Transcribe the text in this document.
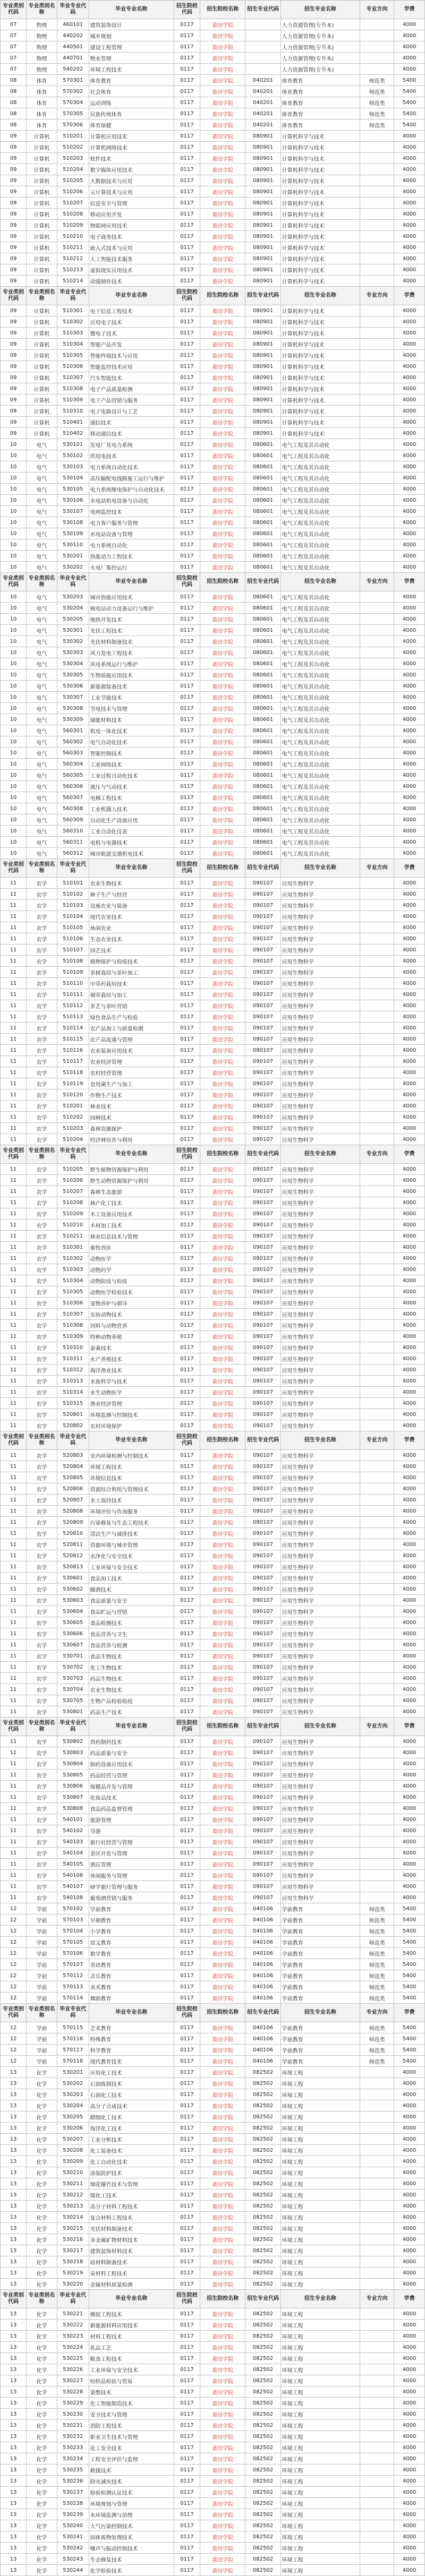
专业类别代码	专业类别名称	毕业专业代码	毕业专业名称	招生院校代码	招生院校名称	招生专业代码	招生专业名称	专业方向	学费
07	物理	460101	建筑装饰设计	0117	莆田学院		人力资源管理(专升本)		4000
07	物理	440202	城乡规划	0117	莆田学院		人力资源管理(专升本)		4000
07	物理	440501	建设工程管理	0117	莆田学院		人力资源管理(专升本)		4000
07	物理	440701	物业管理	0117	莆田学院		人力资源管理(专升本)		4000
07	物理	540202	环境工程技术	0117	莆田学院		人力资源管理(专升本)		4000
08	体育	570301	体育教育	0117	莆田学院	040201	体育教育	师范类	5400
08	体育	570302	社会体育	0117	莆田学院	040201	体育教育	师范类	5400
08	体育	570304	运动训练	0117	莆田学院	040201	体育教育	师范类	5400
08	体育	570305	民族传统体育	0117	莆田学院	040201	体育教育	师范类	5400
08	体育	570306	体育保健	0117	莆田学院	040201	体育教育	师范类	5400
09	计算机	510201	计算机应用技术	0117	莆田学院	080901	计算机科学与技术		4000
09	计算机	510202	计算机网络技术	0117	莆田学院	080901	计算机科学与技术		4000
09	计算机	510203	软件技术	0117	莆田学院	080901	计算机科学与技术		4000
09	计算机	510204	数字媒体应用技术	0117	莆田学院	080901	计算机科学与技术		4000
09	计算机	510205	大数据技术与应用	0117	莆田学院	080901	计算机科学与技术		4000
09	计算机	510206	云计算技术与应用	0117	莆田学院	080901	计算机科学与技术		4000
09	计算机	510207	信息安全与管理	0117	莆田学院	080901	计算机科学与技术		4000
09	计算机	510208	移动应用开发	0117	莆田学院	080901	计算机科学与技术		4000
09	计算机	510209	物联网应用技术	0117	莆田学院	080901	计算机科学与技术		4000
09	计算机	510210	电子商务技术	0117	莆田学院	080901	计算机科学与技术		4000
09	计算机	510211	嵌入式技术与应用	0117	莆田学院	080901	计算机科学与技术		4000
09	计算机	510212	人工智能技术服务	0117	莆田学院	080901	计算机科学与技术		4000
09	计算机	510213	虚拟现实应用技术	0117	莆田学院	080901	计算机科学与技术		4000
09	计算机	510214	动漫制作技术	0117	莆田学院	080901	计算机科学与技术		4000
专业类别代码	专业类别名称	毕业专业代码	毕业专业名称	招生院校代码	招生院校名称	招生专业代码	招生专业名称	专业方向	学费
09	计算机	510301	电子信息工程技术	0117	莆田学院	080901	计算机科学与技术		4000
09	计算机	510302	应用电子技术	0117	莆田学院	080901	计算机科学与技术		4000
09	计算机	510303	微电子技术	0117	莆田学院	080901	计算机科学与技术		4000
09	计算机	510304	智能产品开发	0117	莆田学院	080901	计算机科学与技术		4000
09	计算机	510305	智能终端技术与应用	0117	莆田学院	080901	计算机科学与技术		4000
09	计算机	510306	智能监控技术应用	0117	莆田学院	080901	计算机科学与技术		4000
09	计算机	510307	汽车智能技术	0117	莆田学院	080901	计算机科学与技术		4000
09	计算机	510308	电子产品质量检测	0117	莆田学院	080901	计算机科学与技术		4000
09	计算机	510309	电子产品营销与服务	0117	莆田学院	080901	计算机科学与技术		4000
09	计算机	510310	电子电路设计与工艺	0117	莆田学院	080901	计算机科学与技术		4000
09	计算机	510401	通信技术	0117	莆田学院	080901	计算机科学与技术		4000
09	计算机	510402	移动通信技术	0117	莆田学院	080901	计算机科学与技术		4000
10	电气	530101	发电厂及电力系统	0117	莆田学院	080601	电气工程及其自动化		4000
10	电气	530102	供用电技术	0117	莆田学院	080601	电气工程及其自动化		4000
10	电气	530103	电力系统自动化技术	0117	莆田学院	080601	电气工程及其自动化		4000
10	电气	530104	高压输配电线路施工运行与维护	0117	莆田学院	080601	电气工程及其自动化		4000
10	电气	530105	电力系统继电保护与自动化技术	0117	莆田学院	080601	电气工程及其自动化		4000
10	电气	530106	水电站机电设备与自动化	0117	莆田学院	080601	电气工程及其自动化		4000
10	电气	530107	电网监控技术	0117	莆田学院	080601	电气工程及其自动化		4000
10	电气	530108	电力客户服务与管理	0117	莆田学院	080601	电气工程及其自动化		4000
10	电气	530109	水电站设备与管理	0117	莆田学院	080601	电气工程及其自动化		4000
10	电气	530110	电力系统自动化	0117	莆田学院	080601	电气工程及其自动化		4000
10	电气	530201	热能动力工程技术	0117	莆田学院	080601	电气工程及其自动化		4000
10	电气	530202	火电厂集控运行	0117	莆田学院	080601	电气工程及其自动化		4000
专业类别代码	专业类别名称	毕业专业代码	毕业专业名称	招生院校代码	招生院校名称	招生专业代码	招生专业名称	专业方向	学费
10	电气	530203	城市热能应用技术	0117	莆田学院	080601	电气工程及其自动化		4000
10	电气	530204	核电站动力设备运行与维护	0117	莆田学院	080601	电气工程及其自动化		4000
10	电气	530205	地热开发技术	0117	莆田学院	080601	电气工程及其自动化		4000
10	电气	530301	光伏工程技术	0117	莆田学院	080601	电气工程及其自动化		4000
10	电气	530302	光伏材料制备技术	0117	莆田学院	080601	电气工程及其自动化		4000
10	电气	530303	风力发电工程技术	0117	莆田学院	080601	电气工程及其自动化		4000
10	电气	530304	风电系统运行与维护	0117	莆田学院	080601	电气工程及其自动化		4000
10	电气	530305	生物质能应用技术	0117	莆田学院	080601	电气工程及其自动化		4000
10	电气	530306	新能源装备技术	0117	莆田学院	080601	电气工程及其自动化		4000
10	电气	530307	工业节能技术	0117	莆田学院	080601	电气工程及其自动化		4000
10	电气	530308	节电技术与管理	0117	莆田学院	080601	电气工程及其自动化		4000
10	电气	530309	储能材料技术	0117	莆田学院	080601	电气工程及其自动化		4000
10	电气	560301	机电一体化技术	0117	莆田学院	080601	电气工程及其自动化		4000
10	电气	560302	电气自动化技术	0117	莆田学院	080601	电气工程及其自动化		4000
10	电气	560303	智能控制技术	0117	莆田学院	080601	电气工程及其自动化		4000
10	电气	560304	工业网络技术	0117	莆田学院	080601	电气工程及其自动化		4000
10	电气	560305	工业过程自动化技术	0117	莆田学院	080601	电气工程及其自动化		4000
10	电气	560306	液压与气动技术	0117	莆田学院	080601	电气工程及其自动化		4000
10	电气	560307	电梯工程技术	0117	莆田学院	080601	电气工程及其自动化		4000
10	电气	560308	工业机器人技术	0117	莆田学院	080601	电气工程及其自动化		4000
10	电气	560309	自动化生产设备应用	0117	莆田学院	080601	电气工程及其自动化		4000
10	电气	560310	工业自动化仪表	0117	莆田学院	080601	电气工程及其自动化		4000
10	电气	560311	电机与电器技术	0117	莆田学院	080601	电气工程及其自动化		4000
10	电气	560312	城市轨道交通机电技术	0117	莆田学院	080601	电气工程及其自动化		4000
专业类别代码	专业类别名称	毕业专业代码	毕业专业名称	招生院校代码	招生院校名称	招生专业代码	招生专业名称	专业方向	学费
11	农学	510101	农业生物技术	0117	莆田学院	090107	应用生物科学		4000
11	农学	510102	种子生产与经营	0117	莆田学院	090107	应用生物科学		4000
11	农学	510103	设施农业与装备	0117	莆田学院	090107	应用生物科学		4000
11	农学	510104	现代农业技术	0117	莆田学院	090107	应用生物科学		4000
11	农学	510105	休闲农业	0117	莆田学院	090107	应用生物科学		4000
11	农学	510106	生态农业技术	0117	莆田学院	090107	应用生物科学		4000
11	农学	510107	园艺技术	0117	莆田学院	090107	应用生物科学		4000
11	农学	510108	植物保护与检疫技术	0117	莆田学院	090107	应用生物科学		4000
11	农学	510109	茶树栽培与茶叶加工	0117	莆田学院	090107	应用生物科学		4000
11	农学	510110	中草药栽培技术	0117	莆田学院	090107	应用生物科学		4000
11	农学	510111	烟草栽培与加工	0117	莆田学院	090107	应用生物科学		4000
11	农学	510112	茶艺与茶叶营销	0117	莆田学院	090107	应用生物科学		4000
11	农学	510113	绿色食品生产与检验	0117	莆田学院	090107	应用生物科学		4000
11	农学	510114	农产品加工与质量检测	0117	莆田学院	090107	应用生物科学		4000
11	农学	510115	农产品流通与管理	0117	莆田学院	090107	应用生物科学		4000
11	农学	510116	农业装备应用技术	0117	莆田学院	090107	应用生物科学		4000
11	农学	510117	农业经济管理	0117	莆田学院	090107	应用生物科学		4000
11	农学	510118	农村经营管理	0117	莆田学院	090107	应用生物科学		4000
11	农学	510119	食用菌生产与加工	0117	莆田学院	090107	应用生物科学		4000
11	农学	510120	作物生产技术	0117	莆田学院	090107	应用生物科学		4000
11	农学	510201	林业技术	0117	莆田学院	090107	应用生物科学		4000
11	农学	510202	园林技术	0117	莆田学院	090107	应用生物科学		4000
11	农学	510203	森林资源保护	0117	莆田学院	090107	应用生物科学		4000
11	农学	510204	经济林培育与利用	0117	莆田学院	090107	应用生物科学		4000
专业类别代码	专业类别名称	毕业专业代码	毕业专业名称	招生院校代码	招生院校名称	招生专业代码	招生专业名称	专业方向	学费
11	农学	510205	野生植物资源保护与利用	0117	莆田学院	090107	应用生物科学		4000
11	农学	510206	野生动物资源保护与利用	0117	莆田学院	090107	应用生物科学		4000
11	农学	510207	森林生态旅游	0117	莆田学院	090107	应用生物科学		4000
11	农学	510208	林产化工技术	0117	莆田学院	090107	应用生物科学		4000
11	农学	510209	木工设备应用技术	0117	莆田学院	090107	应用生物科学		4000
11	农学	510210	木材加工技术	0117	莆田学院	090107	应用生物科学		4000
11	农学	510211	林业信息技术与管理	0117	莆田学院	090107	应用生物科学		4000
11	农学	510301	畜牧兽医	0117	莆田学院	090107	应用生物科学		4000
11	农学	510302	动物医学	0117	莆田学院	090107	应用生物科学		4000
11	农学	510303	动物药学	0117	莆田学院	090107	应用生物科学		4000
11	农学	510304	动物防疫与检疫	0117	莆田学院	090107	应用生物科学		4000
11	农学	510305	动物医学检验技术	0117	莆田学院	090107	应用生物科学		4000
11	农学	510306	宠物养护与驯导	0117	莆田学院	090107	应用生物科学		4000
11	农学	510307	实验动物技术	0117	莆田学院	090107	应用生物科学		4000
11	农学	510308	饲料与动物营养	0117	莆田学院	090107	应用生物科学		4000
11	农学	510309	特种动物养殖	0117	莆田学院	090107	应用生物科学		4000
11	农学	510310	蚕桑技术	0117	莆田学院	090107	应用生物科学		4000
11	农学	510311	水产养殖技术	0117	莆田学院	090107	应用生物科学		4000
11	农学	510312	海洋渔业技术	0117	莆田学院	090107	应用生物科学		4000
11	农学	510313	水族科学与技术	0117	莆田学院	090107	应用生物科学		4000
11	农学	510314	水生动物医学	0117	莆田学院	090107	应用生物科学		4000
11	农学	510315	渔业经济管理	0117	莆田学院	090107	应用生物科学		4000
11	农学	520801	环境监测与控制技术	0117	莆田学院	090107	应用生物科学		4000
11	农学	520802	农村环境保护	0117	莆田学院	090107	应用生物科学		4000
专业类别代码	专业类别名称	毕业专业代码	毕业专业名称	招生院校代码	招生院校名称	招生专业代码	招生专业名称	专业方向	学费
11	农学	520803	室内环境检测与控制技术	0117	莆田学院	090107	应用生物科学		4000
11	农学	520804	环境工程技术	0117	莆田学院	090107	应用生物科学		4000
11	农学	520805	环境信息技术	0117	莆田学院	090107	应用生物科学		4000
11	农学	520806	资源综合利用与管理技术	0117	莆田学院	090107	应用生物科学		4000
11	农学	520807	水土保持技术	0117	莆田学院	090107	应用生物科学		4000
11	农学	520808	环境评价与咨询服务	0117	莆田学院	090107	应用生物科学		4000
11	农学	520809	污染修复与生态工程技术	0117	莆田学院	090107	应用生物科学		4000
11	农学	520810	清洁生产与减排技术	0117	莆田学院	090107	应用生物科学		4000
11	农学	520811	资源环境与城市管理	0117	莆田学院	090107	应用生物科学		4000
11	农学	520812	水净化与安全技术	0117	莆田学院	090107	应用生物科学		4000
11	农学	520813	工业环保与安全技术	0117	莆田学院	090107	应用生物科学		4000
11	农学	530601	食品加工技术	0117	莆田学院	090107	应用生物科学		4000
11	农学	530602	酿酒技术	0117	莆田学院	090107	应用生物科学		4000
11	农学	530603	食品质量与安全	0117	莆田学院	090107	应用生物科学		4000
11	农学	530604	食品贮运与营销	0117	莆田学院	090107	应用生物科学		4000
11	农学	530605	食品检测技术	0117	莆田学院	090107	应用生物科学		4000
11	农学	530606	食品营养与卫生	0117	莆田学院	090107	应用生物科学		4000
11	农学	530607	食品营养与检测	0117	莆田学院	090107	应用生物科学		4000
11	农学	530701	食品生物技术	0117	莆田学院	090107	应用生物科学		4000
11	农学	530702	化工生物技术	0117	莆田学院	090107	应用生物科学		4000
11	农学	530703	药品生物技术	0117	莆田学院	090107	应用生物科学		4000
11	农学	530704	农业生物技术	0117	莆田学院	090107	应用生物科学		4000
11	农学	530705	生物产品检验检疫	0117	莆田学院	090107	应用生物科学		4000
11	农学	530801	药品生产技术	0117	莆田学院	090107	应用生物科学		4000
专业类别代码	专业类别名称	毕业专业代码	毕业专业名称	招生院校代码	招生院校名称	招生专业代码	招生专业名称	专业方向	学费
11	农学	530802	兽药制药技术	0117	莆田学院	090107	应用生物科学		4000
11	农学	530803	药品质量与安全	0117	莆田学院	090107	应用生物科学		4000
11	农学	530804	制药设备应用技术	0117	莆田学院	090107	应用生物科学		4000
11	农学	530805	药品经营与管理	0117	莆田学院	090107	应用生物科学		4000
11	农学	530806	保健品开发与管理	0117	莆田学院	090107	应用生物科学		4000
11	农学	530807	化妆品技术	0117	莆田学院	090107	应用生物科学		4000
11	农学	530808	食品药品监督管理	0117	莆田学院	090107	应用生物科学		4000
11	农学	540101	旅游管理	0117	莆田学院	090107	应用生物科学		4000
11	农学	540102	导游	0117	莆田学院	090107	应用生物科学		4000
11	农学	540103	旅行社经营与管理	0117	莆田学院	090107	应用生物科学		4000
11	农学	540104	景区开发与管理	0117	莆田学院	090107	应用生物科学		4000
11	农学	540105	酒店管理	0117	莆田学院	090107	应用生物科学		4000
11	农学	540106	休闲服务与管理	0117	莆田学院	090107	应用生物科学		4000
11	农学	540107	研学旅行管理与服务	0117	莆田学院	090107	应用生物科学		4000
11	农学	540108	葡萄酒营销与服务	0117	莆田学院	090107	应用生物科学		4000
12	学前	570102	学前教育	0117	莆田学院	040106	学前教育	师范类	5400
12	学前	570103	早期教育	0117	莆田学院	040106	学前教育	师范类	5400
12	学前	570104	小学教育	0117	莆田学院	040106	学前教育	师范类	5400
12	学前	570105	语文教育	0117	莆田学院	040106	学前教育	师范类	5400
12	学前	570106	数学教育	0117	莆田学院	040106	学前教育	师范类	5400
12	学前	570107	英语教育	0117	莆田学院	040106	学前教育	师范类	5400
12	学前	570112	音乐教育	0117	莆田学院	040106	学前教育	师范类	5400
12	学前	570113	美术教育	0117	莆田学院	040106	学前教育	师范类	5400
12	学前	570114	舞蹈教育	0117	莆田学院	040106	学前教育	师范类	5400
专业类别代码	专业类别名称	毕业专业代码	毕业专业名称	招生院校代码	招生院校名称	招生专业代码	招生专业名称	专业方向	学费
12	学前	570115	艺术教育	0117	莆田学院	040106	学前教育	师范类	5400
12	学前	570116	特殊教育	0117	莆田学院	040106	学前教育	师范类	5400
12	学前	570117	科学教育	0117	莆田学院	040106	学前教育	师范类	5400
12	学前	570118	现代教育技术	0117	莆田学院	040106	学前教育	师范类	5400
13	化学	530201	应用化工技术	0117	莆田学院	082502	环境工程		4000
13	化学	530202	石油炼制技术	0117	莆田学院	082502	环境工程		4000
13	化学	530203	石油化工技术	0117	莆田学院	082502	环境工程		4000
13	化学	530204	高分子合成技术	0117	莆田学院	082502	环境工程		4000
13	化学	530205	精细化工技术	0117	莆田学院	082502	环境工程		4000
13	化学	530206	海洋化工技术	0117	莆田学院	082502	环境工程		4000
13	化学	530207	工业分析技术	0117	莆田学院	082502	环境工程		4000
13	化学	530208	化工装备技术	0117	莆田学院	082502	环境工程		4000
13	化学	530209	化工自动化技术	0117	莆田学院	082502	环境工程		4000
13	化学	530210	涂装防护技术	0117	莆田学院	082502	环境工程		4000
13	化学	530211	烟花爆竹技术与管理	0117	莆田学院	082502	环境工程		4000
13	化学	530212	煤化工技术	0117	莆田学院	082502	环境工程		4000
13	化学	530213	高分子材料工程技术	0117	莆田学院	082502	环境工程		4000
13	化学	530214	复合材料工程技术	0117	莆田学院	082502	环境工程		4000
13	化学	530215	光伏材料制备技术	0117	莆田学院	082502	环境工程		4000
13	化学	530216	非金属矿物材料技术	0117	莆田学院	082502	环境工程		4000
13	化学	530217	建筑装饰材料技术	0117	莆田学院	082502	环境工程		4000
13	化学	530218	硅材料制备技术	0117	莆田学院	082502	环境工程		4000
13	化学	530219	炭材料工程技术	0117	莆田学院	082502	环境工程		4000
13	化学	530220	金属材料质量检测	0117	莆田学院	082502	环境工程		4000
专业类别代码	专业类别名称	毕业专业代码	毕业专业名称	招生院校代码	招生院校名称	招生专业代码	招生专业名称	专业方向	学费
13	化学	530221	橡胶工程技术	0117	莆田学院	082502	环境工程		4000
13	化学	530222	新能源材料应用技术	0117	莆田学院	082502	环境工程		4000
13	化学	530223	材料工程技术	0117	莆田学院	082502	环境工程		4000
13	化学	530224	乳品工艺	0117	莆田学院	082502	环境工程		4000
13	化学	530225	粮食工程技术	0117	莆田学院	082502	环境工程		4000
13	化学	530226	工业环保与安全技术	0117	莆田学院	082502	环境工程		4000
13	化学	530227	纺织品检验与贸易	0117	莆田学院	082502	环境工程		4000
13	化学	530228	染整技术	0117	莆田学院	082502	环境工程		4000
13	化学	530229	化工智能制造技术	0117	莆田学院	082502	环境工程		4000
13	化学	530230	安全技术与管理	0117	莆田学院	082502	环境工程		4000
13	化学	530231	消防工程技术	0117	莆田学院	082502	环境工程		4000
13	化学	530232	职业卫生技术与管理	0117	莆田学院	082502	环境工程		4000
13	化学	530233	化工安全技术	0117	莆田学院	082502	环境工程		4000
13	化学	530234	工程安全评价与监理	0117	莆田学院	082502	环境工程		4000
13	化学	530235	救援技术	0117	莆田学院	082502	环境工程		4000
13	化学	530236	防灾减灾技术	0117	莆田学院	082502	环境工程		4000
13	化学	530237	检验检测认证技术	0117	莆田学院	082502	环境工程		4000
13	化学	530238	环境规划与管理	0117	莆田学院	082502	环境工程		4000
13	化学	530239	水环境监测与治理	0117	莆田学院	082502	环境工程		4000
13	化学	530240	大气污染控制技术	0117	莆田学院	082502	环境工程		4000
13	化学	530241	固体废物处理技术	0117	莆田学院	082502	环境工程		4000
13	化学	530242	噪声与振动控制技术	0117	莆田学院	082502	环境工程		4000
13	化学	530243	生态修复技术	0117	莆田学院	082502	环境工程		4000
13	化学	530244	化学检验技术	0117	莆田学院	082502	环境工程		4000
